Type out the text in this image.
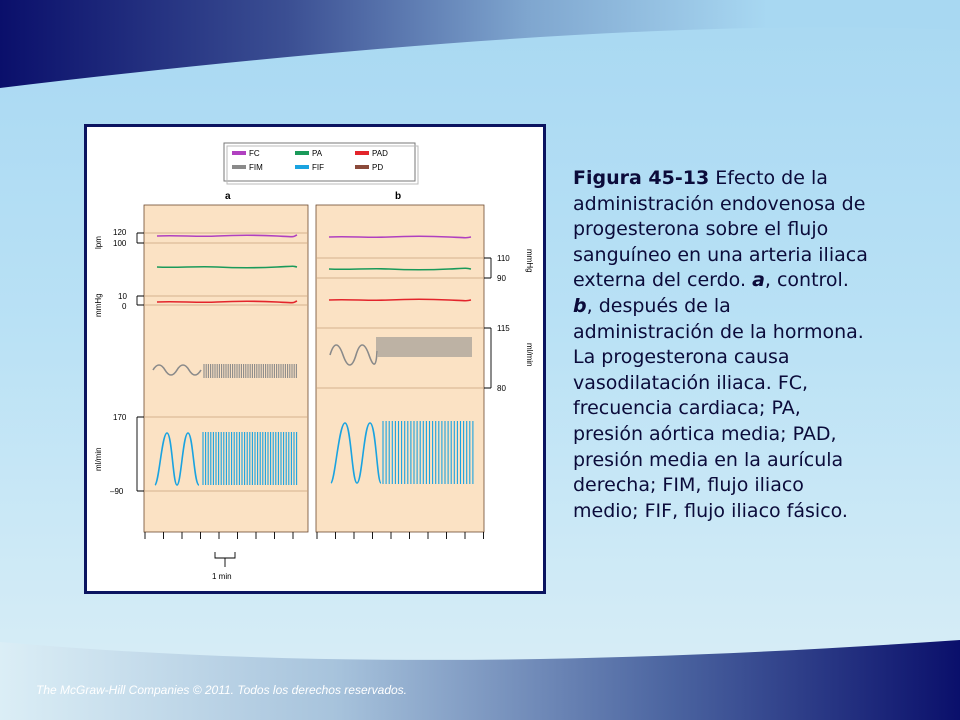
FC	PA	PAD
FIM	FIF	PD
a	b
120
100
lpm
10
0
mmHg
170
–90
ml/min
110
90
mmHg
115
80
ml/min
1 min
Figura 45-13 Efecto de la administración endovenosa de progesterona sobre el flujo sanguíneo en una arteria iliaca externa del cerdo. a, control. b, después de la administración de la hormona. La progesterona causa vasodilatación iliaca. FC, frecuencia cardiaca; PA, presión aórtica media; PAD, presión media en la aurícula derecha; FIM, flujo iliaco medio; FIF, flujo iliaco fásico.
The McGraw-Hill Companies © 2011. Todos los derechos reservados.
